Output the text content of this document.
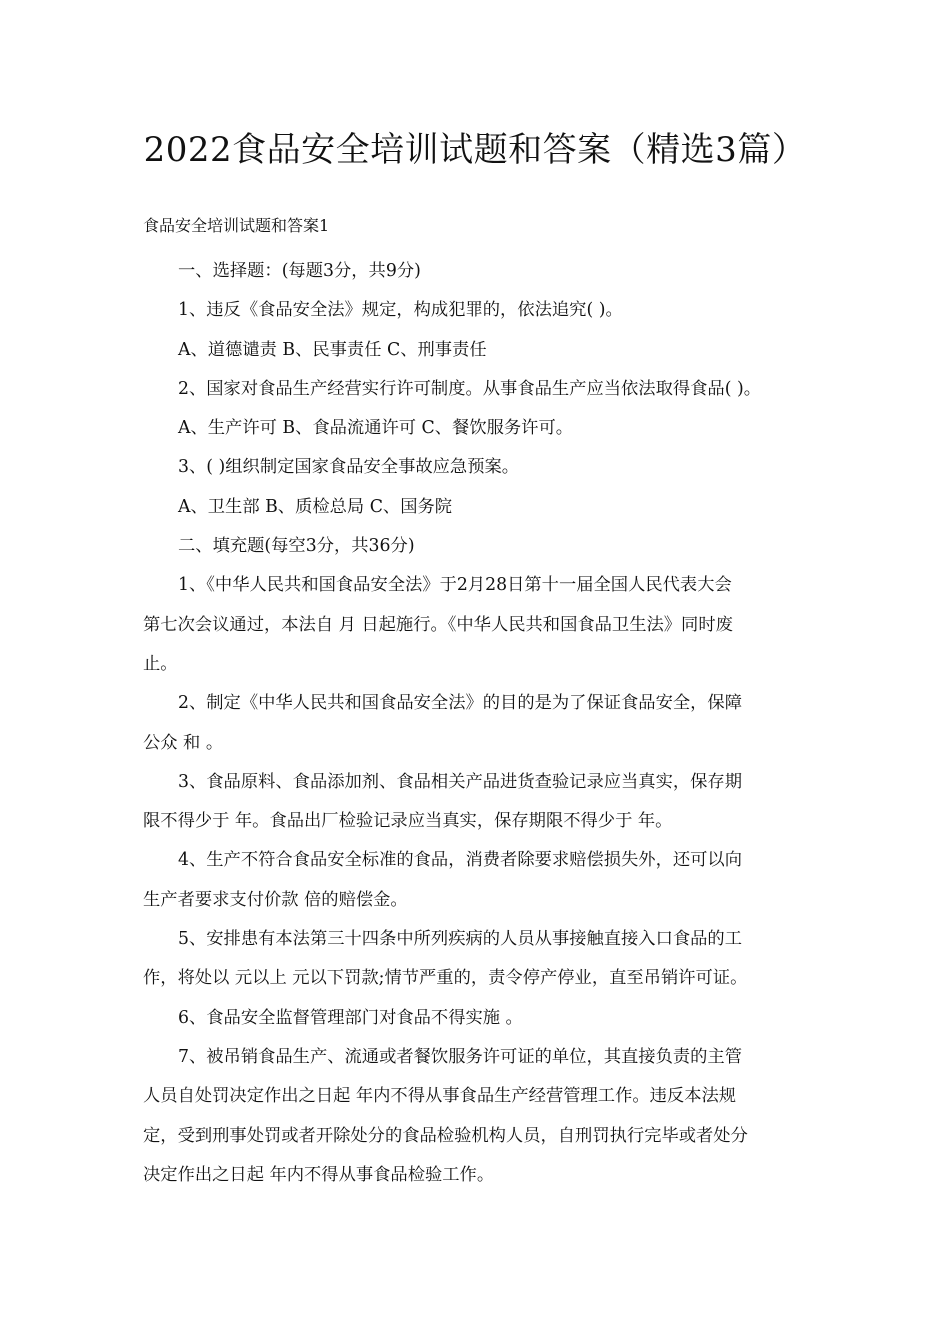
2022食品安全培训试题和答案（精选3篇）
食品安全培训试题和答案1

一、选择题：(每题3分，共9分)

1、违反《食品安全法》规定，构成犯罪的，依法追究( )。

A、道德谴责 B、民事责任 C、刑事责任

2、国家对食品生产经营实行许可制度。从事食品生产应当依法取得食品( )。

A、生产许可 B、食品流通许可 C、餐饮服务许可。

3、( )组织制定国家食品安全事故应急预案。

A、卫生部 B、质检总局 C、国务院

二、填充题(每空3分，共36分)

1、《中华人民共和国食品安全法》于2月28日第十一届全国人民代表大会

第七次会议通过，本法自 月 日起施行。《中华人民共和国食品卫生法》同时废
止。

2、制定《中华人民共和国食品安全法》的目的是为了保证食品安全，保障

公众 和 。

3、食品原料、食品添加剂、食品相关产品进货查验记录应当真实，保存期

限不得少于 年。食品出厂检验记录应当真实，保存期限不得少于 年。

4、生产不符合食品安全标准的食品，消费者除要求赔偿损失外，还可以向

生产者要求支付价款 倍的赔偿金。

5、安排患有本法第三十四条中所列疾病的人员从事接触直接入口食品的工

作，将处以 元以上 元以下罚款;情节严重的，责令停产停业，直至吊销许可证。

6、食品安全监督管理部门对食品不得实施 。

7、被吊销食品生产、流通或者餐饮服务许可证的单位，其直接负责的主管

人员自处罚决定作出之日起 年内不得从事食品生产经营管理工作。违反本法规
定，受到刑事处罚或者开除处分的食品检验机构人员，自刑罚执行完毕或者处分
决定作出之日起 年内不得从事食品检验工作。
